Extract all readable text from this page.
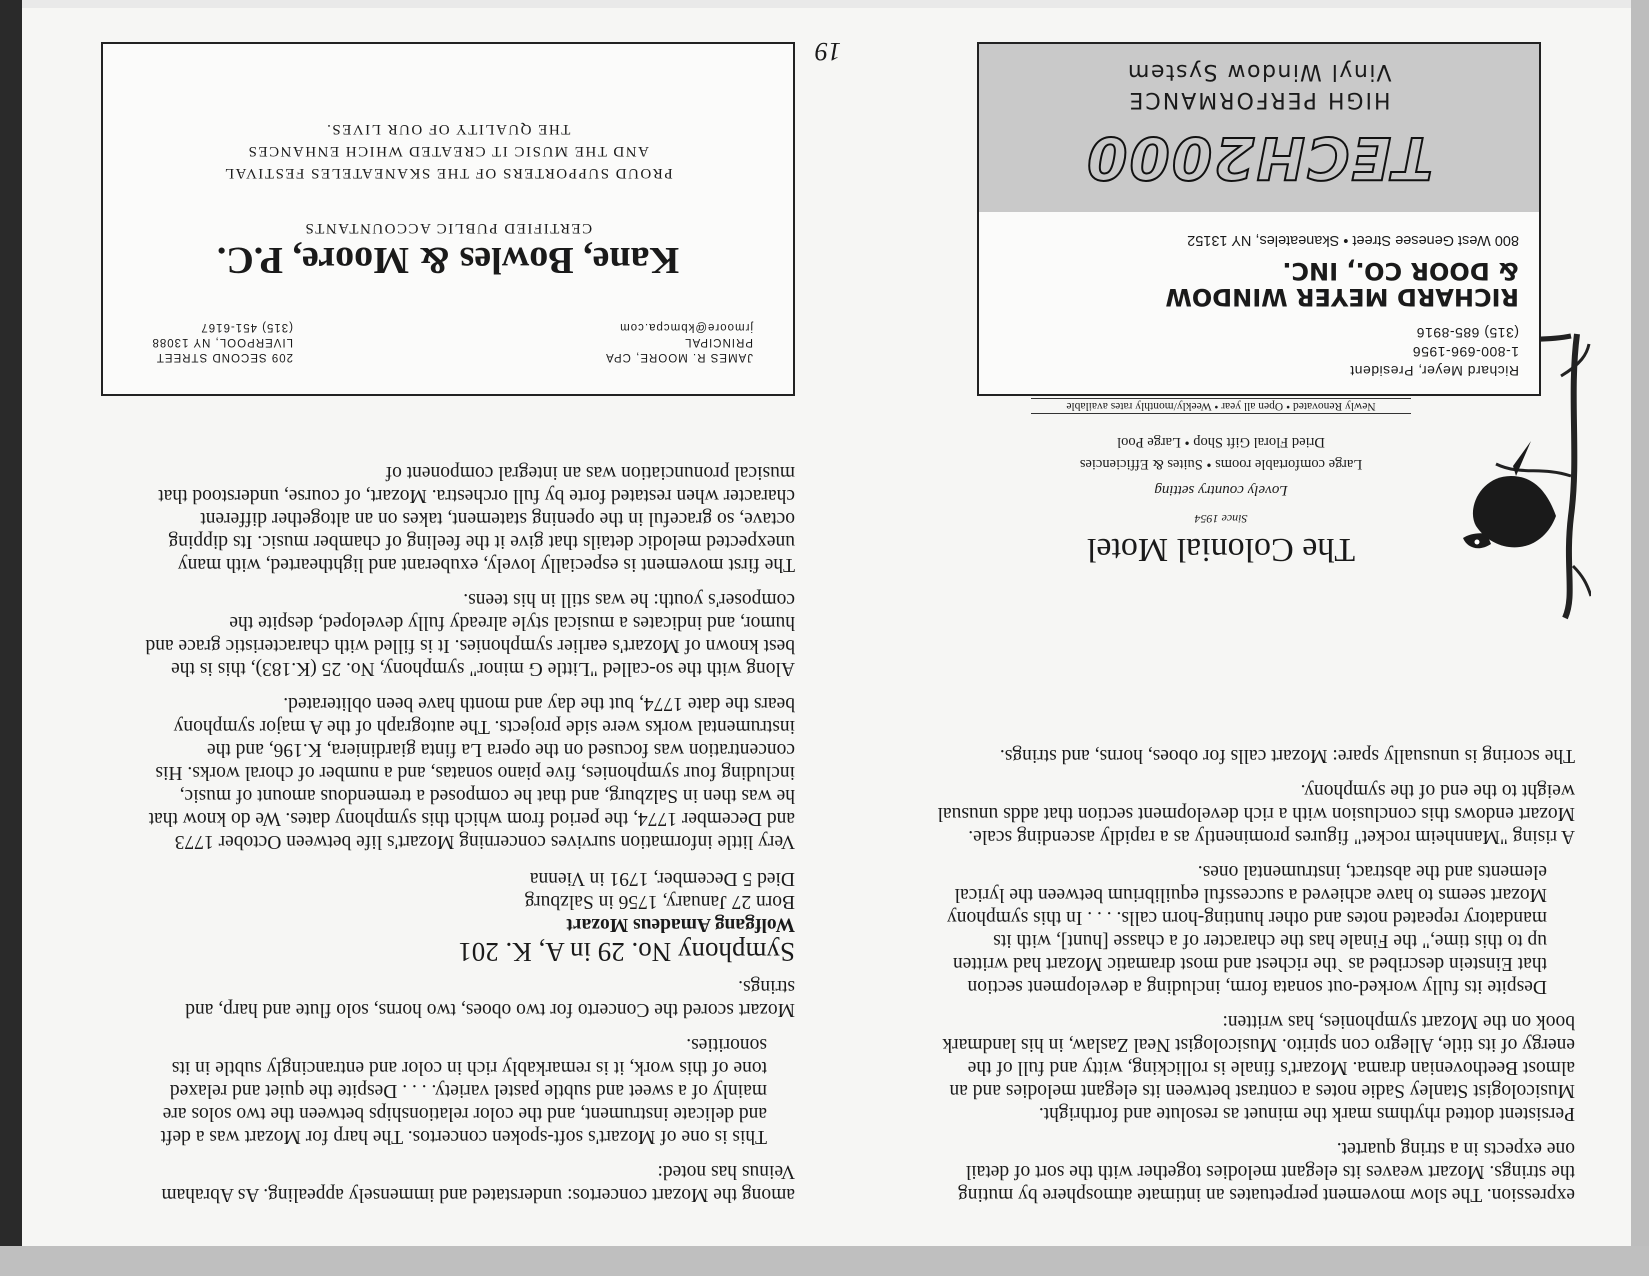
expression. The slow movement perpetuates an intimate atmosphere by muting the strings. Mozart weaves its elegant melodies together with the sort of detail one expects in a string quartet.

Persistent dotted rhythms mark the minuet as resolute and forthright. Musicologist Stanley Sadie notes a contrast between its elegant melodies and an almost Beethovenian drama. Mozart's finale is rollicking, witty and full of the energy of its title, Allegro con spirito. Musicologist Neal Zaslaw, in his landmark book on the Mozart symphonies, has written:

Despite its fully worked-out sonata form, including a development section that Einstein described as `the richest and most dramatic Mozart had written up to this time," the Finale has the character of a chasse [hunt], with its mandatory repeated notes and other hunting-horn calls. . . . In this symphony Mozart seems to have achieved a successful equilibrium between the lyrical elements and the abstract, instrumental ones.

A rising "Mannheim rocket" figures prominently as a rapidly ascending scale. Mozart endows this conclusion with a rich development section that adds unusual weight to the end of the symphony.

The scoring is unusually spare: Mozart calls for oboes, horns, and strings.

among the Mozart concertos: understated and immensely appealing. As Abraham Veinus has noted:

This is one of Mozart's soft-spoken concertos. The harp for Mozart was a deft and delicate instrument, and the color relationships between the two solos are mainly of a sweet and subtle pastel variety. . . . Despite the quiet and relaxed tone of this work, it is remarkably rich in color and entrancingly subtle in its sonorities.

Mozart scored the Concerto for two oboes, two horns, solo flute and harp, and strings.

Symphony No. 29 in A, K. 201
Wolfgang Amadeus Mozart
Born 27 January, 1756 in Salzburg
Died 5 December, 1791 in Vienna

Very little information survives concerning Mozart's life between October 1773 and December 1774, the period from which this symphony dates. We do know that he was then in Salzburg, and that he composed a tremendous amount of music, including four symphonies, five piano sonatas, and a number of choral works. His concentration was focused on the opera La finta giardiniera, K.196, and the instrumental works were side projects. The autograph of the A major symphony bears the date 1774, but the day and month have been obliterated.

Along with the so-called "Little G minor" symphony, No. 25 (K.183), this is the best known of Mozart's earlier symphonies. It is filled with characteristic grace and humor, and indicates a musical style already fully developed, despite the composer's youth: he was still in his teens.

The first movement is especially lovely, exuberant and lighthearted, with many unexpected melodic details that give it the feeling of chamber music. Its dipping octave, so graceful in the opening statement, takes on an altogether different character when restated forte by full orchestra. Mozart, of course, understood that musical pronunciation was an integral component of

The Colonial Motel
Since 1954
Lovely country setting
Large comfortable rooms • Suites & Efficiencies
Dried Floral Gift Shop • Large Pool
Newly Renovated • Open all year • Weekly/monthly rates available
JAMES R. MOORE, CPA
PRINCIPAL
jrmoore@kbmcpa.com
209 SECOND STREET
LIVERPOOL, NY 13088
(315) 451-6167
Kane, Bowles & Moore, P.C.
CERTIFIED PUBLIC ACCOUNTANTS
PROUD SUPPORTERS OF THE SKANEATELES FESTIVAL
AND THE MUSIC IT CREATED WHICH ENHANCES
THE QUALITY OF OUR LIVES.
Richard Meyer, President
1-800-696-1956
(315) 685-8916
RICHARD MEYER WINDOW
& DOOR CO., INC.
800 West Genesee Street • Skaneateles, NY 13152
TECH2000
HIGH PERFORMANCE
Vinyl Window System
19
